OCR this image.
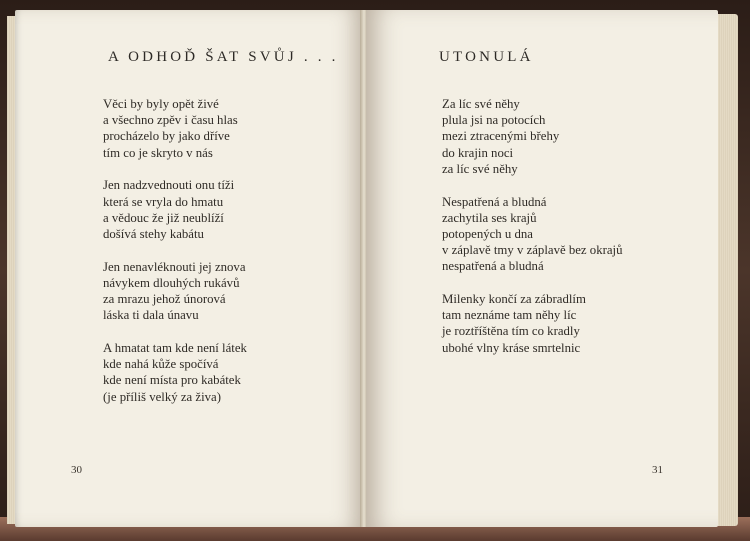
A ODHOĎ ŠAT SVŮJ . . .
Věci by byly opět živé
a všechno zpěv i času hlas
procházelo by jako dříve
tím co je skryto v nás
Jen nadzvednouti onu tíži
která se vryla do hmatu
a vědouc že již neublíží
došívá stehy kabátu
Jen nenavléknouti jej znova
návykem dlouhých rukávů
za mrazu jehož únorová
láska ti dala únavu
A hmatat tam kde není látek
kde nahá kůže spočívá
kde není místa pro kabátek
(je příliš velký za živa)
30
UTONULÁ
Za líc své něhy
plula jsi na potocích
mezi ztracenými břehy
do krajin noci
za líc své něhy
Nespatřená a bludná
zachytila ses krajů
potopených u dna
v záplavě tmy v záplavě bez okrajů
nespatřená a bludná
Milenky končí za zábradlím
tam neznáme tam něhy líc
je roztříštěna tím co kradly
ubohé vlny kráse smrtelnic
31
